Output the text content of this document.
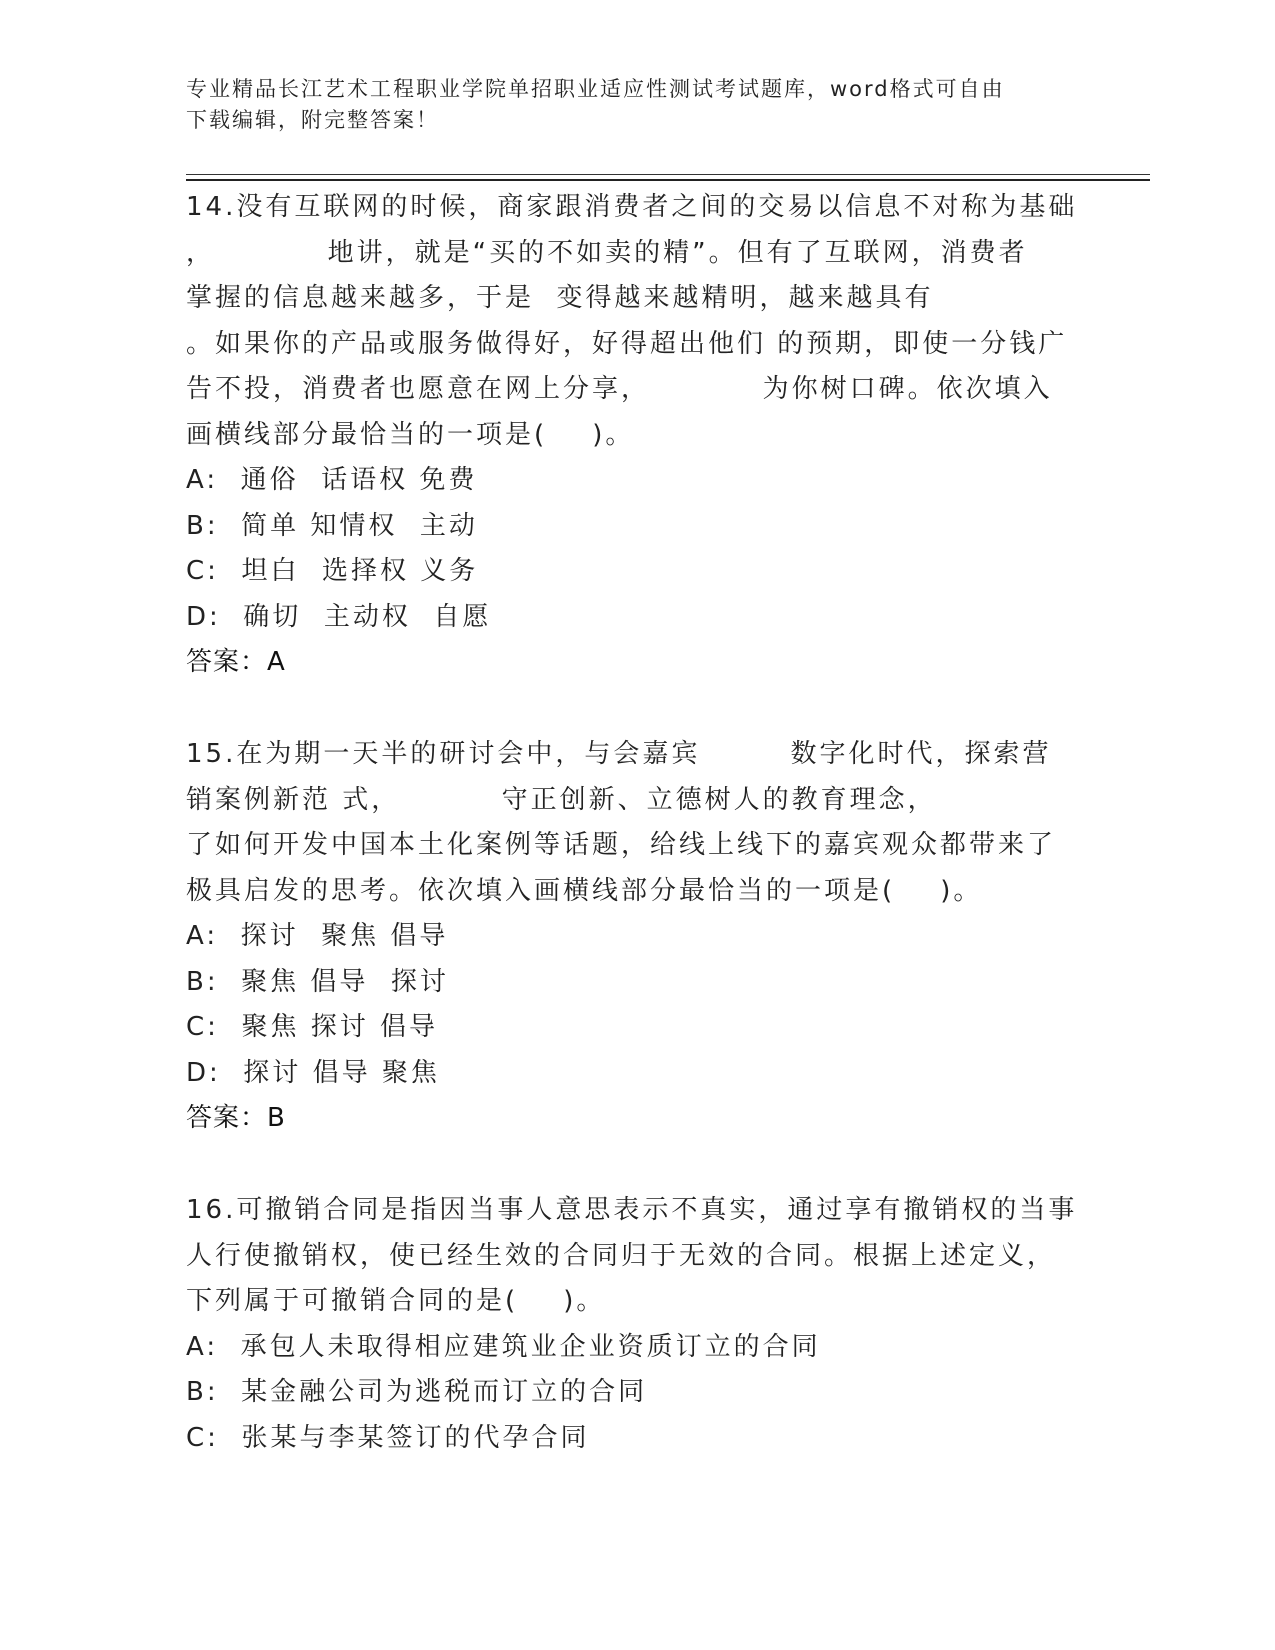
专业精品长江艺术工程职业学院单招职业适应性测试考试题库，word格式可自由
下载编辑，附完整答案！

14.没有互联网的时候，商家跟消费者之间的交易以信息不对称为基础

，          地讲，就是“买的不如卖的精”。但有了互联网，消费者

掌握的信息越来越多，于是  变得越来越精明，越来越具有

。如果你的产品或服务做得好，好得超出他们 的预期，即使一分钱广

告不投，消费者也愿意在网上分享，          为你树口碑。依次填入

画横线部分最恰当的一项是(    )。

A:  通俗  话语权 免费

B:  简单 知情权  主动

C:  坦白  选择权 义务

D:  确切  主动权  自愿

答案：A

15.在为期一天半的研讨会中，与会嘉宾        数字化时代，探索营

销案例新范 式，         守正创新、立德树人的教育理念，

了如何开发中国本土化案例等话题，给线上线下的嘉宾观众都带来了

极具启发的思考。依次填入画横线部分最恰当的一项是(    )。

A:  探讨  聚焦 倡导

B:  聚焦 倡导  探讨

C:  聚焦 探讨 倡导

D:  探讨 倡导 聚焦

答案：B

16.可撤销合同是指因当事人意思表示不真实，通过享有撤销权的当事

人行使撤销权，使已经生效的合同归于无效的合同。根据上述定义，

下列属于可撤销合同的是(    )。

A:  承包人未取得相应建筑业企业资质订立的合同

B:  某金融公司为逃税而订立的合同

C:  张某与李某签订的代孕合同
